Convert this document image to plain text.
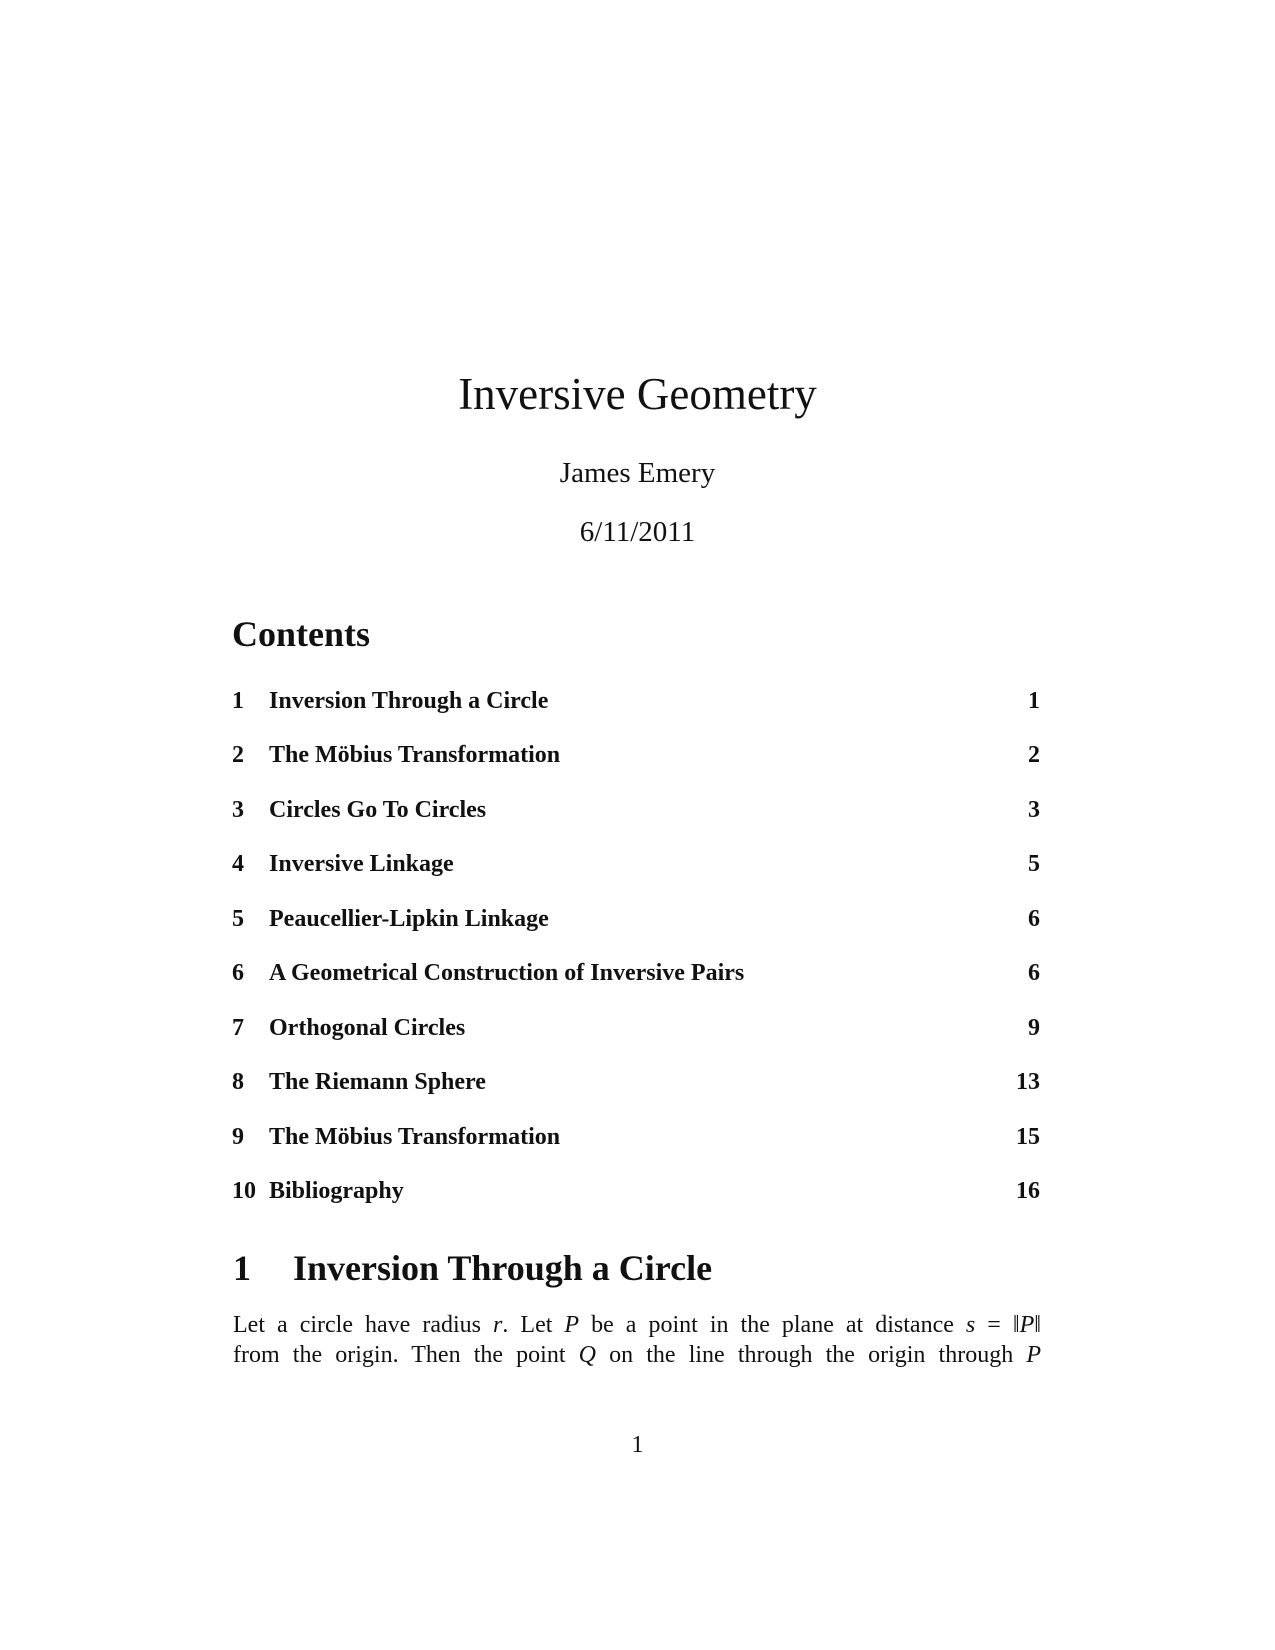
Inversive Geometry
James Emery
6/11/2011
Contents
1	Inversion Through a Circle	1
2	The Möbius Transformation	2
3	Circles Go To Circles	3
4	Inversive Linkage	5
5	Peaucellier-Lipkin Linkage	6
6	A Geometrical Construction of Inversive Pairs	6
7	Orthogonal Circles	9
8	The Riemann Sphere	13
9	The Möbius Transformation	15
10 Bibliography	16
1 Inversion Through a Circle
Let a circle have radius r. Let P be a point in the plane at distance s = ‖P‖
from the origin. Then the point Q on the line through the origin through P
1
